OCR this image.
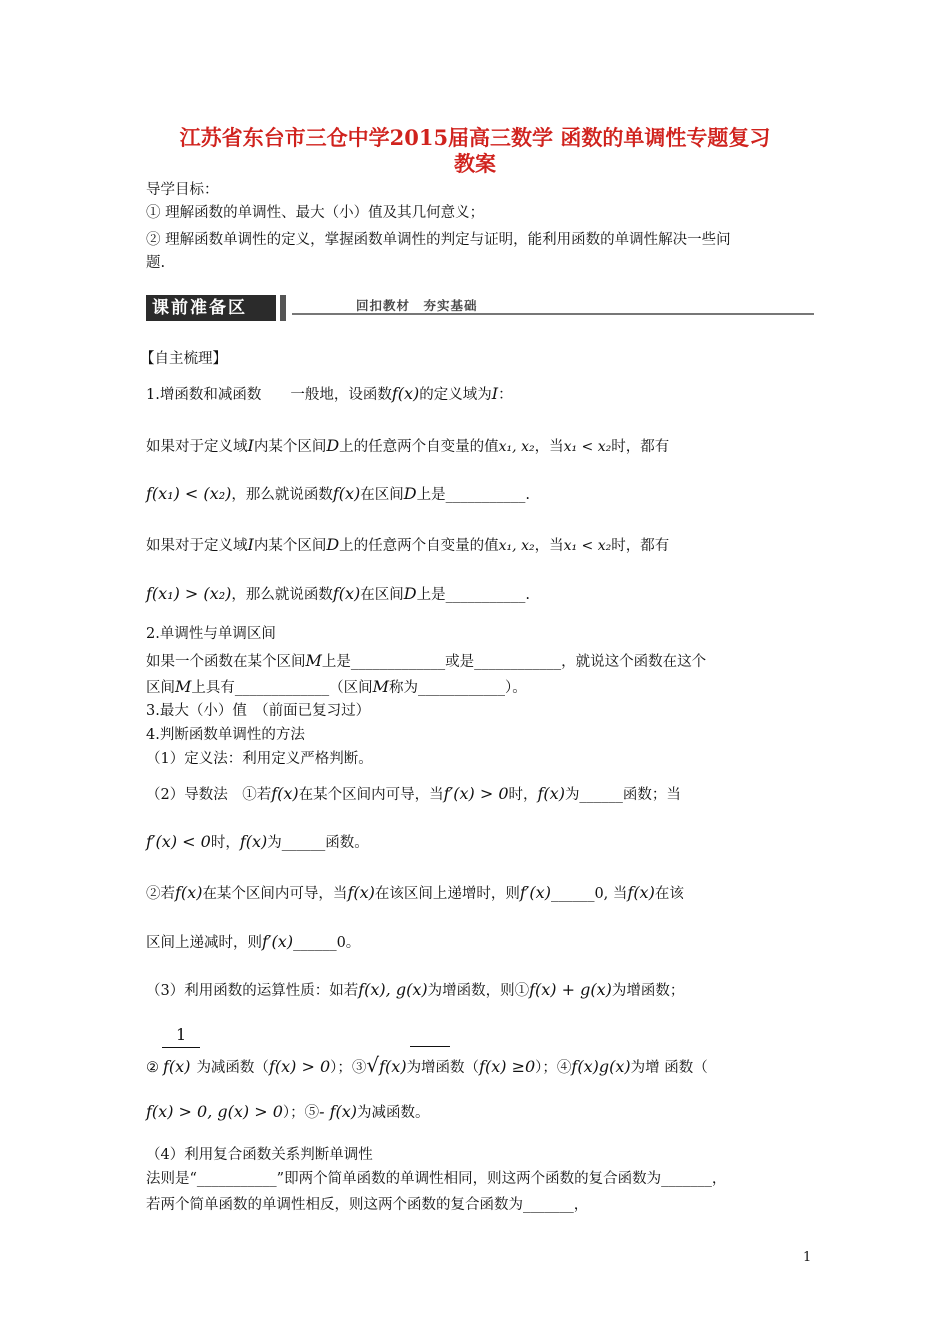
江苏省东台市三仓中学2015届高三数学 函数的单调性专题复习
教案
导学目标：
① 理解函数的单调性、最大（小）值及其几何意义；
② 理解函数单调性的定义，掌握函数单调性的判定与证明，能利用函数的单调性解决一些问
题.
课前准备区	回扣教材　夯实基础
【自主梳理】
1.增函数和减函数　　一般地，设函数f(x)的定义域为I：
如果对于定义域I内某个区间D上的任意两个自变量的值x₁, x₂，当x₁ < x₂时，都有
f(x₁) < (x₂)，那么就说函数f(x)在区间D上是___________.
如果对于定义域I内某个区间D上的任意两个自变量的值x₁, x₂，当x₁ < x₂时，都有
f(x₁) > (x₂)，那么就说函数f(x)在区间D上是___________.
2.单调性与单调区间
如果一个函数在某个区间M上是_____________或是____________，就说这个函数在这个
区间M上具有_____________（区间M称为____________）。
3.最大（小）值　（前面已复习过）
4.判断函数单调性的方法
（1）定义法：利用定义严格判断。
（2）导数法　①若f(x)在某个区间内可导，当f′(x) > 0时，f(x)为______函数；当
f′(x) < 0时，f(x)为______函数。
②若f(x)在某个区间内可导，当f(x)在该区间上递增时，则f′(x)______0, 当f(x)在该
区间上递减时，则f′(x)______0。
（3）利用函数的运算性质：如若f(x), g(x)为增函数，则①f(x) + g(x)为增函数；
1
② f(x) 为减函数（f(x) > 0）；③√f(x)为增函数（f(x) ≥0）；④f(x)g(x)为增 函数（
f(x) > 0, g(x) > 0）；⑤- f(x)为减函数。
（4）利用复合函数关系判断单调性
法则是“___________”即两个简单函数的单调性相同，则这两个函数的复合函数为_______，
若两个简单函数的单调性相反，则这两个函数的复合函数为_______，
1
